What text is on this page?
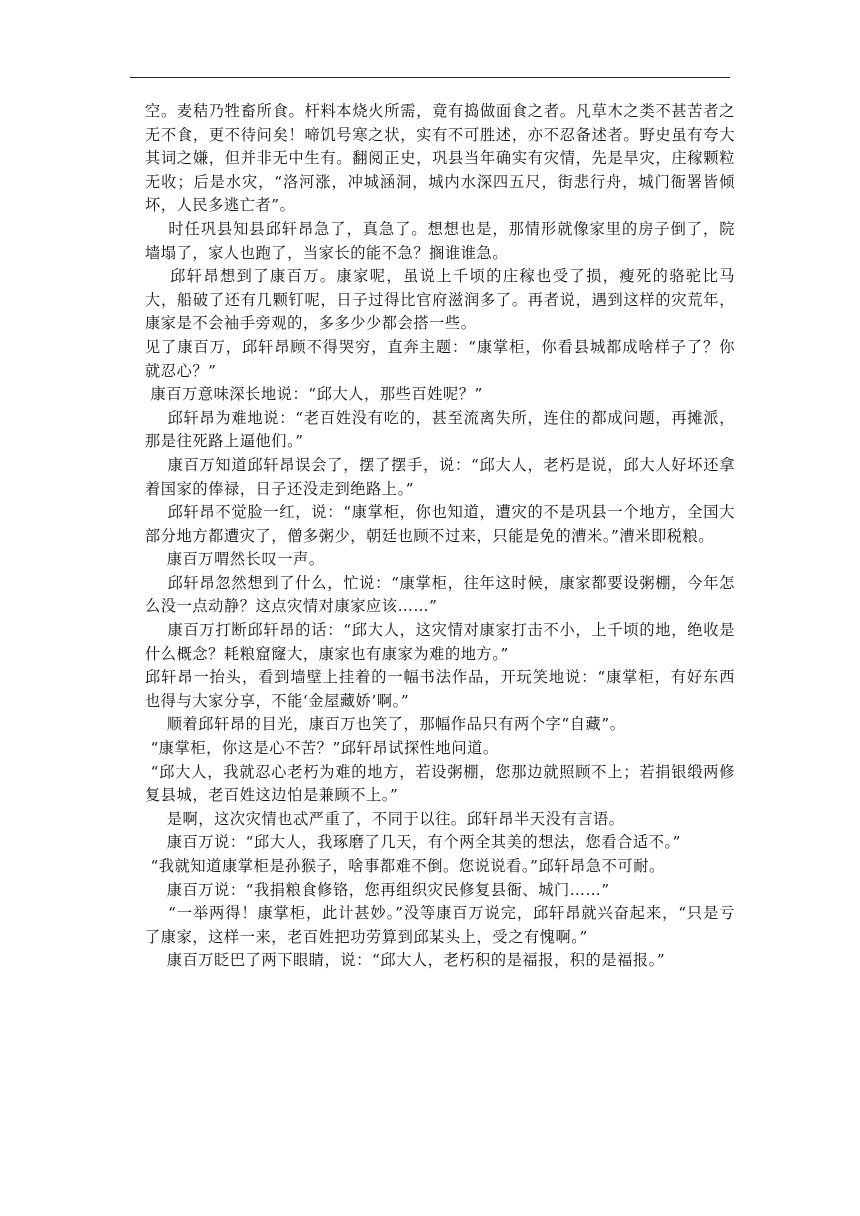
空。麦秸乃牲畜所食。杆料本烧火所需，竟有捣做面食之者。凡草木之类不甚苦者之无不食，更不待问矣！啼饥号寒之状，实有不可胜述，亦不忍备述者。野史虽有夸大其词之嫌，但并非无中生有。翻阅正史，巩县当年确实有灾情，先是旱灾，庄稼颗粒无收；后是水灾，“洛河涨，冲城涵洞，城内水深四五尺，街悲行舟，城门衙署皆倾坏，人民多逃亡者”。

时任巩县知县邱轩昂急了，真急了。想想也是，那情形就像家里的房子倒了，院墙塌了，家人也跑了，当家长的能不急？搁谁谁急。

邱轩昂想到了康百万。康家呢，虽说上千顷的庄稼也受了损，瘦死的骆驼比马大，船破了还有几颗钉呢，日子过得比官府滋润多了。再者说，遇到这样的灾荒年，康家是不会袖手旁观的，多多少少都会搭一些。

见了康百万，邱轩昂顾不得哭穷，直奔主题：“康掌柜，你看县城都成啥样子了？你就忍心？”

康百万意味深长地说：“邱大人，那些百姓呢？”

邱轩昂为难地说：“老百姓没有吃的，甚至流离失所，连住的都成问题，再摊派，那是往死路上逼他们。”

康百万知道邱轩昂误会了，摆了摆手，说：“邱大人，老朽是说，邱大人好坏还拿着国家的俸禄，日子还没走到绝路上。”

邱轩昂不觉脸一红，说：“康掌柜，你也知道，遭灾的不是巩县一个地方，全国大部分地方都遭灾了，僧多粥少，朝廷也顾不过来，只能是免的漕米。”漕米即税粮。

康百万喟然长叹一声。

邱轩昂忽然想到了什么，忙说：“康掌柜，往年这时候，康家都要设粥棚，今年怎么没一点动静？这点灾情对康家应该……”

康百万打断邱轩昂的话：“邱大人，这灾情对康家打击不小，上千顷的地，绝收是什么概念？耗粮窟窿大，康家也有康家为难的地方。”

邱轩昂一抬头，看到墙壁上挂着的一幅书法作品，开玩笑地说：“康掌柜，有好东西也得与大家分享，不能‘金屋藏娇’啊。”

顺着邱轩昂的目光，康百万也笑了，那幅作品只有两个字“自藏”。

“康掌柜，你这是心不苦？”邱轩昂试探性地问道。

“邱大人，我就忍心老朽为难的地方，若设粥棚，您那边就照顾不上；若捐银缎两修复县城，老百姓这边怕是兼顾不上。”

是啊，这次灾情也忒严重了，不同于以往。邱轩昂半天没有言语。

康百万说：“邱大人，我琢磨了几天，有个两全其美的想法，您看合适不。”

“我就知道康掌柜是孙猴子，啥事都难不倒。您说说看。”邱轩昂急不可耐。

康百万说：“我捐粮食修铬，您再组织灾民修复县衙、城门……”

“一举两得！康掌柜，此计甚妙。”没等康百万说完，邱轩昂就兴奋起来，“只是亏了康家，这样一来，老百姓把功劳算到邱某头上，受之有愧啊。”

康百万眨巴了两下眼睛，说：“邱大人，老朽积的是福报，积的是福报。”
